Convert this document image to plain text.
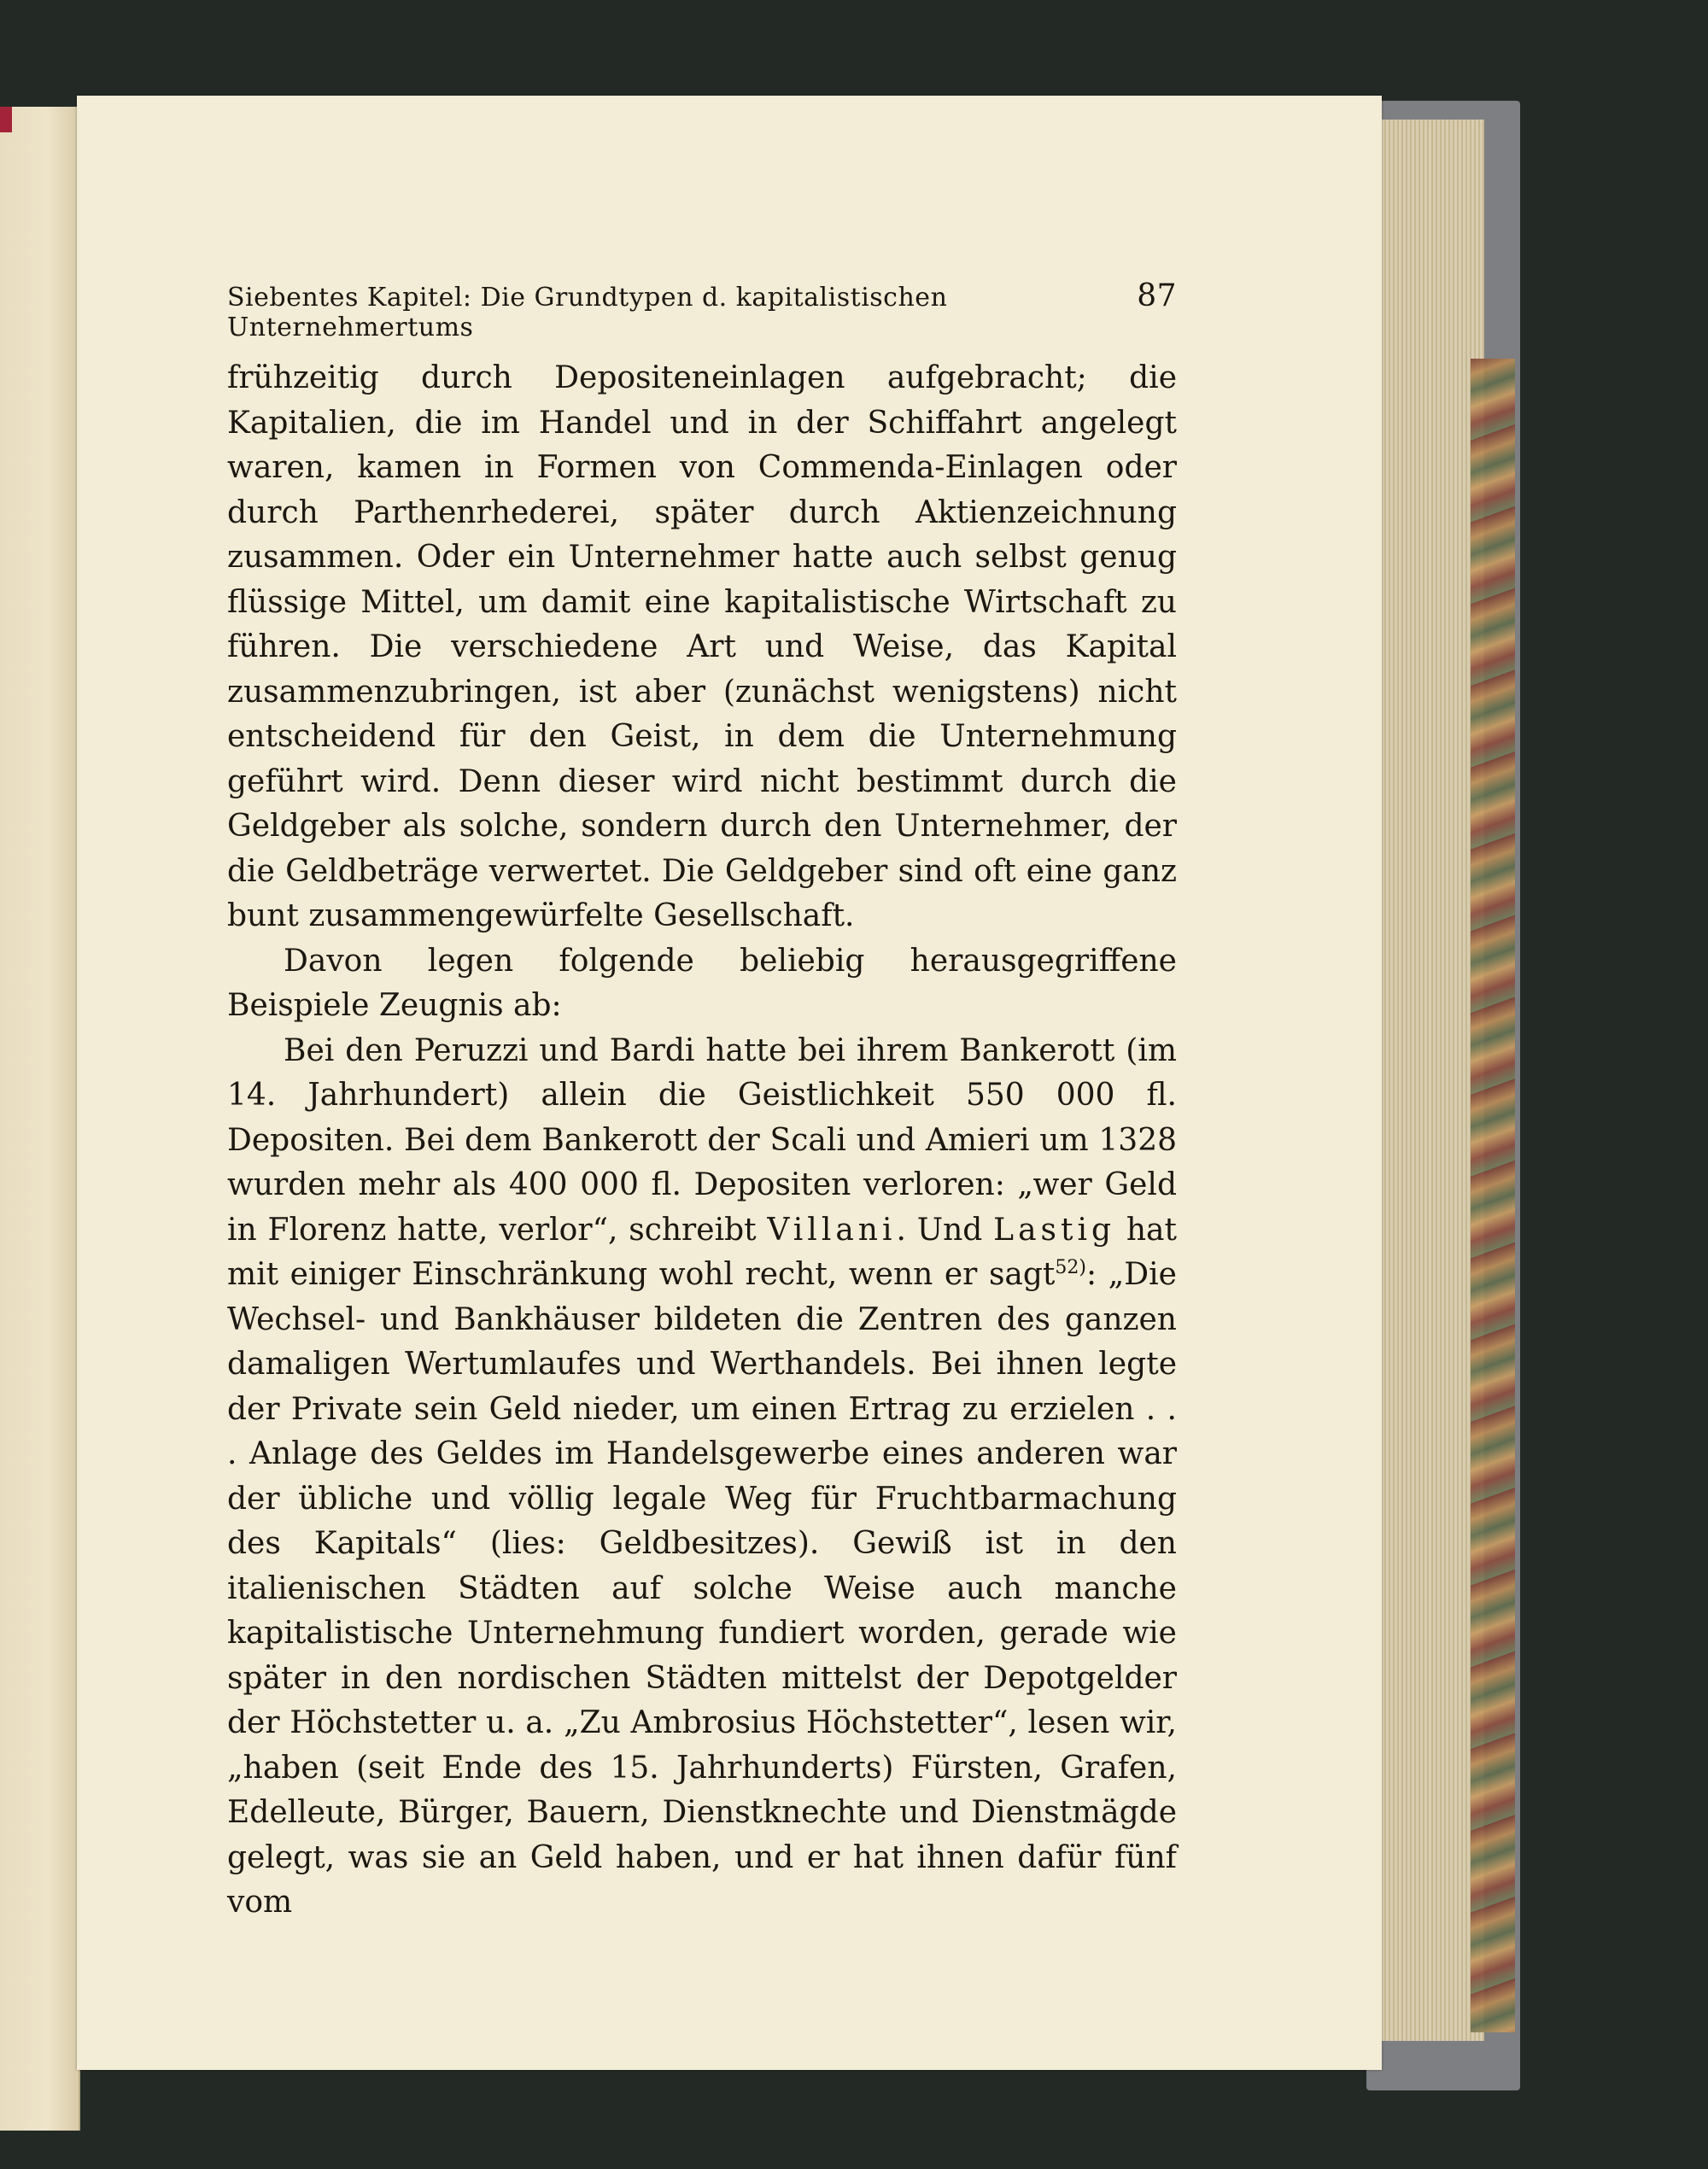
Siebentes Kapitel: Die Grundtypen d. kapitalistischen Unternehmertums
87

frühzeitig durch Depositeneinlagen aufgebracht; die Kapitalien, die im Handel und in der Schiffahrt angelegt waren, kamen in Formen von Commenda-Einlagen oder durch Parthenrhederei, später durch Aktienzeichnung zusammen. Oder ein Unternehmer hatte auch selbst genug flüssige Mittel, um damit eine kapitalistische Wirtschaft zu führen. Die verschiedene Art und Weise, das Kapital zusammenzubringen, ist aber (zunächst wenigstens) nicht entscheidend für den Geist, in dem die Unternehmung geführt wird. Denn dieser wird nicht bestimmt durch die Geldgeber als solche, sondern durch den Unternehmer, der die Geldbeträge verwertet. Die Geldgeber sind oft eine ganz bunt zusammengewürfelte Gesellschaft.

Davon legen folgende beliebig herausgegriffene Beispiele Zeugnis ab:

Bei den Peruzzi und Bardi hatte bei ihrem Bankerott (im 14. Jahrhundert) allein die Geistlichkeit 550 000 fl. Depositen. Bei dem Bankerott der Scali und Amieri um 1328 wurden mehr als 400 000 fl. Depositen verloren: „wer Geld in Florenz hatte, verlor“, schreibt Villani. Und Lastig hat mit einiger Einschränkung wohl recht, wenn er sagt$^{52)}$: „Die Wechsel- und Bankhäuser bildeten die Zentren des ganzen damaligen Wertumlaufes und Werthandels. Bei ihnen legte der Private sein Geld nieder, um einen Ertrag zu erzielen . . . Anlage des Geldes im Handelsgewerbe eines anderen war der übliche und völlig legale Weg für Fruchtbarmachung des Kapitals“ (lies: Geldbesitzes). Gewiß ist in den italienischen Städten auf solche Weise auch manche kapitalistische Unternehmung fundiert worden, gerade wie später in den nordischen Städten mittelst der Depotgelder der Höchstetter u. a. „Zu Ambrosius Höchstetter“, lesen wir, „haben (seit Ende des 15. Jahrhunderts) Fürsten, Grafen, Edelleute, Bürger, Bauern, Dienstknechte und Dienstmägde gelegt, was sie an Geld haben, und er hat ihnen dafür fünf vom
